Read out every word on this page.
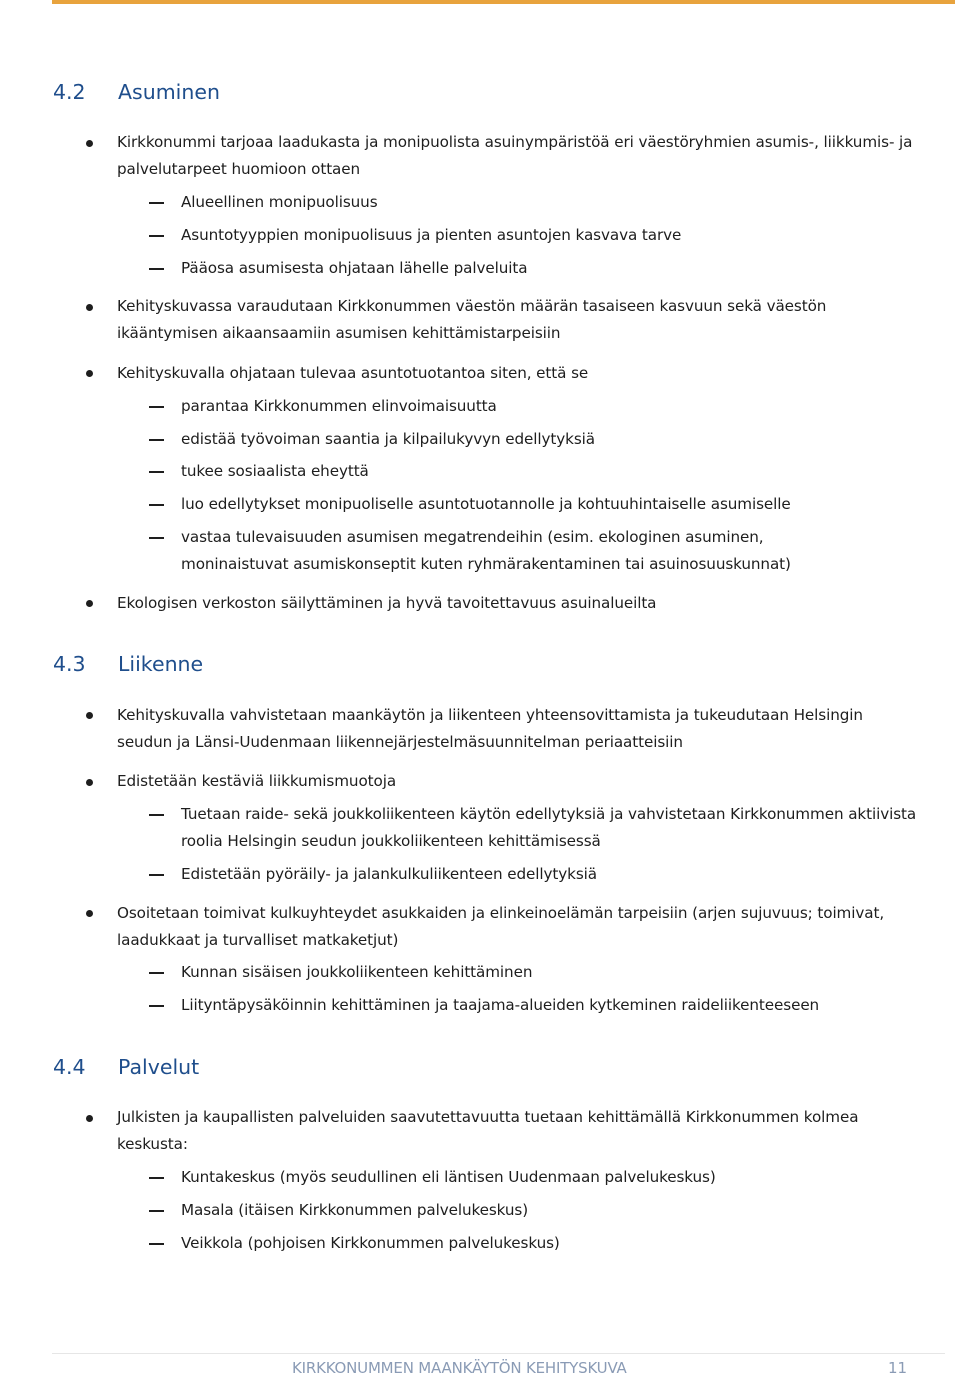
4.2 Asuminen
Kirkkonummi tarjoaa laadukasta ja monipuolista asuinympäristöä eri väestöryhmien asumis-, liikkumis- ja palvelutarpeet huomioon ottaen
Alueellinen monipuolisuus
Asuntotyyppien monipuolisuus ja pienten asuntojen kasvava tarve
Pääosa asumisesta ohjataan lähelle palveluita
Kehityskuvassa varaudutaan Kirkkonummen väestön määrän tasaiseen kasvuun sekä väestön ikääntymisen aikaansaamiin asumisen kehittämistarpeisiin
Kehityskuvalla ohjataan tulevaa asuntotuotantoa siten, että se
parantaa Kirkkonummen elinvoimaisuutta
edistää työvoiman saantia ja kilpailukyvyn edellytyksiä
tukee sosiaalista eheyttä
luo edellytykset monipuoliselle asuntotuotannolle ja kohtuuhintaiselle asumiselle
vastaa tulevaisuuden asumisen megatrendeihin (esim. ekologinen asuminen, moninaistuvat asumiskonseptit kuten ryhmärakentaminen tai asuinosuuskunnat)
Ekologisen verkoston säilyttäminen ja hyvä tavoitettavuus asuinalueilta
4.3 Liikenne
Kehityskuvalla vahvistetaan maankäytön ja liikenteen yhteensovittamista ja tukeudutaan Helsingin seudun ja Länsi-Uudenmaan liikennejärjestelmäsuunnitelman periaatteisiin
Edistetään kestäviä liikkumismuotoja
Tuetaan raide- sekä joukkoliikenteen käytön edellytyksiä ja vahvistetaan Kirkkonummen aktiivista roolia Helsingin seudun joukkoliikenteen kehittämisessä
Edistetään pyöräily- ja jalankulkuliikenteen edellytyksiä
Osoitetaan toimivat kulkuyhteydet asukkaiden ja elinkeinoelämän tarpeisiin (arjen sujuvuus; toimivat, laadukkaat ja turvalliset matkaketjut)
Kunnan sisäisen joukkoliikenteen kehittäminen
Liityntäpysäköinnin kehittäminen ja taajama-alueiden kytkeminen raideliikenteeseen
4.4 Palvelut
Julkisten ja kaupallisten palveluiden saavutettavuutta tuetaan kehittämällä Kirkkonummen kolmea keskusta:
Kuntakeskus (myös seudullinen eli läntisen Uudenmaan palvelukeskus)
Masala (itäisen Kirkkonummen palvelukeskus)
Veikkola (pohjoisen Kirkkonummen palvelukeskus)
KIRKKONUMMEN MAANKÄYTÖN KEHITYSKUVA	11
